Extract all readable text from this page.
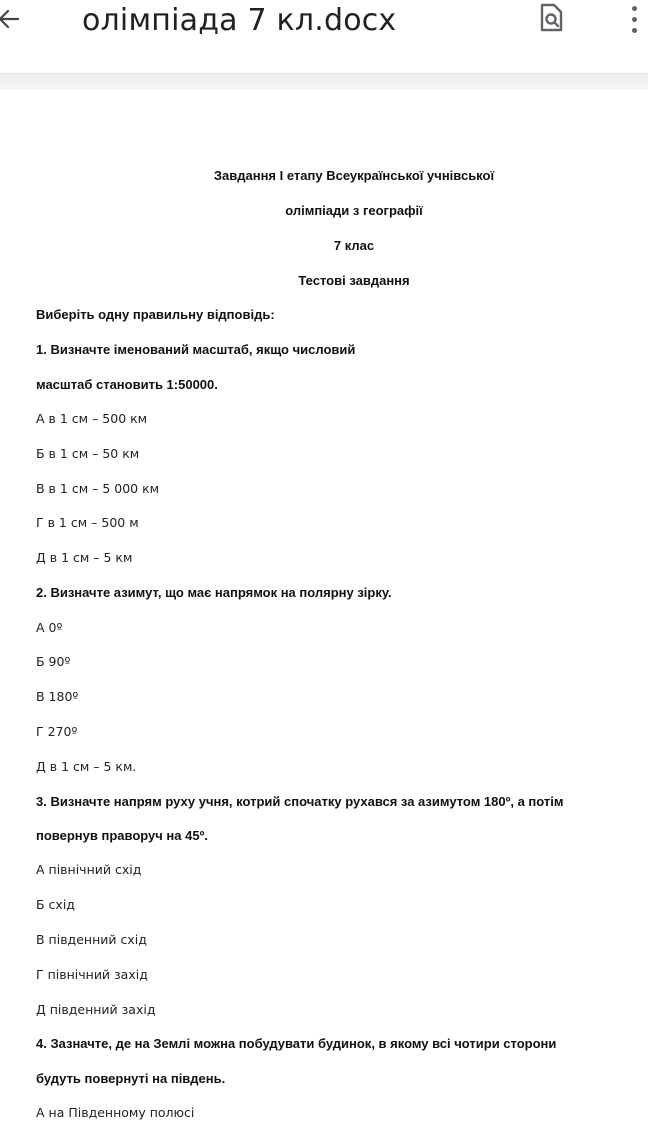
олімпіада 7 кл.docx
Завдання І етапу Всеукраїнської учнівської
олімпіади з географії
7 клас
Тестові завдання
Виберіть одну правильну відповідь:
1. Визначте іменований масштаб, якщо числовий
масштаб становить 1:50000.
А в 1 см – 500 км
Б в 1 см – 50 км
В в 1 см – 5 000 км
Г в 1 см – 500 м
Д в 1 см – 5 км
2. Визначте азимут, що має напрямок на полярну зірку.
А 0º
Б 90º
В 180º
Г 270º
Д в 1 см – 5 км.
3. Визначте напрям руху учня, котрий спочатку рухався за азимутом 180º, а потім
повернув праворуч на 45º.
А північний схід
Б схід
В південний схід
Г північний захід
Д південний захід
4. Зазначте, де на Землі можна побудувати будинок, в якому всі чотири сторони
будуть повернуті на південь.
А на Південному полюсі
